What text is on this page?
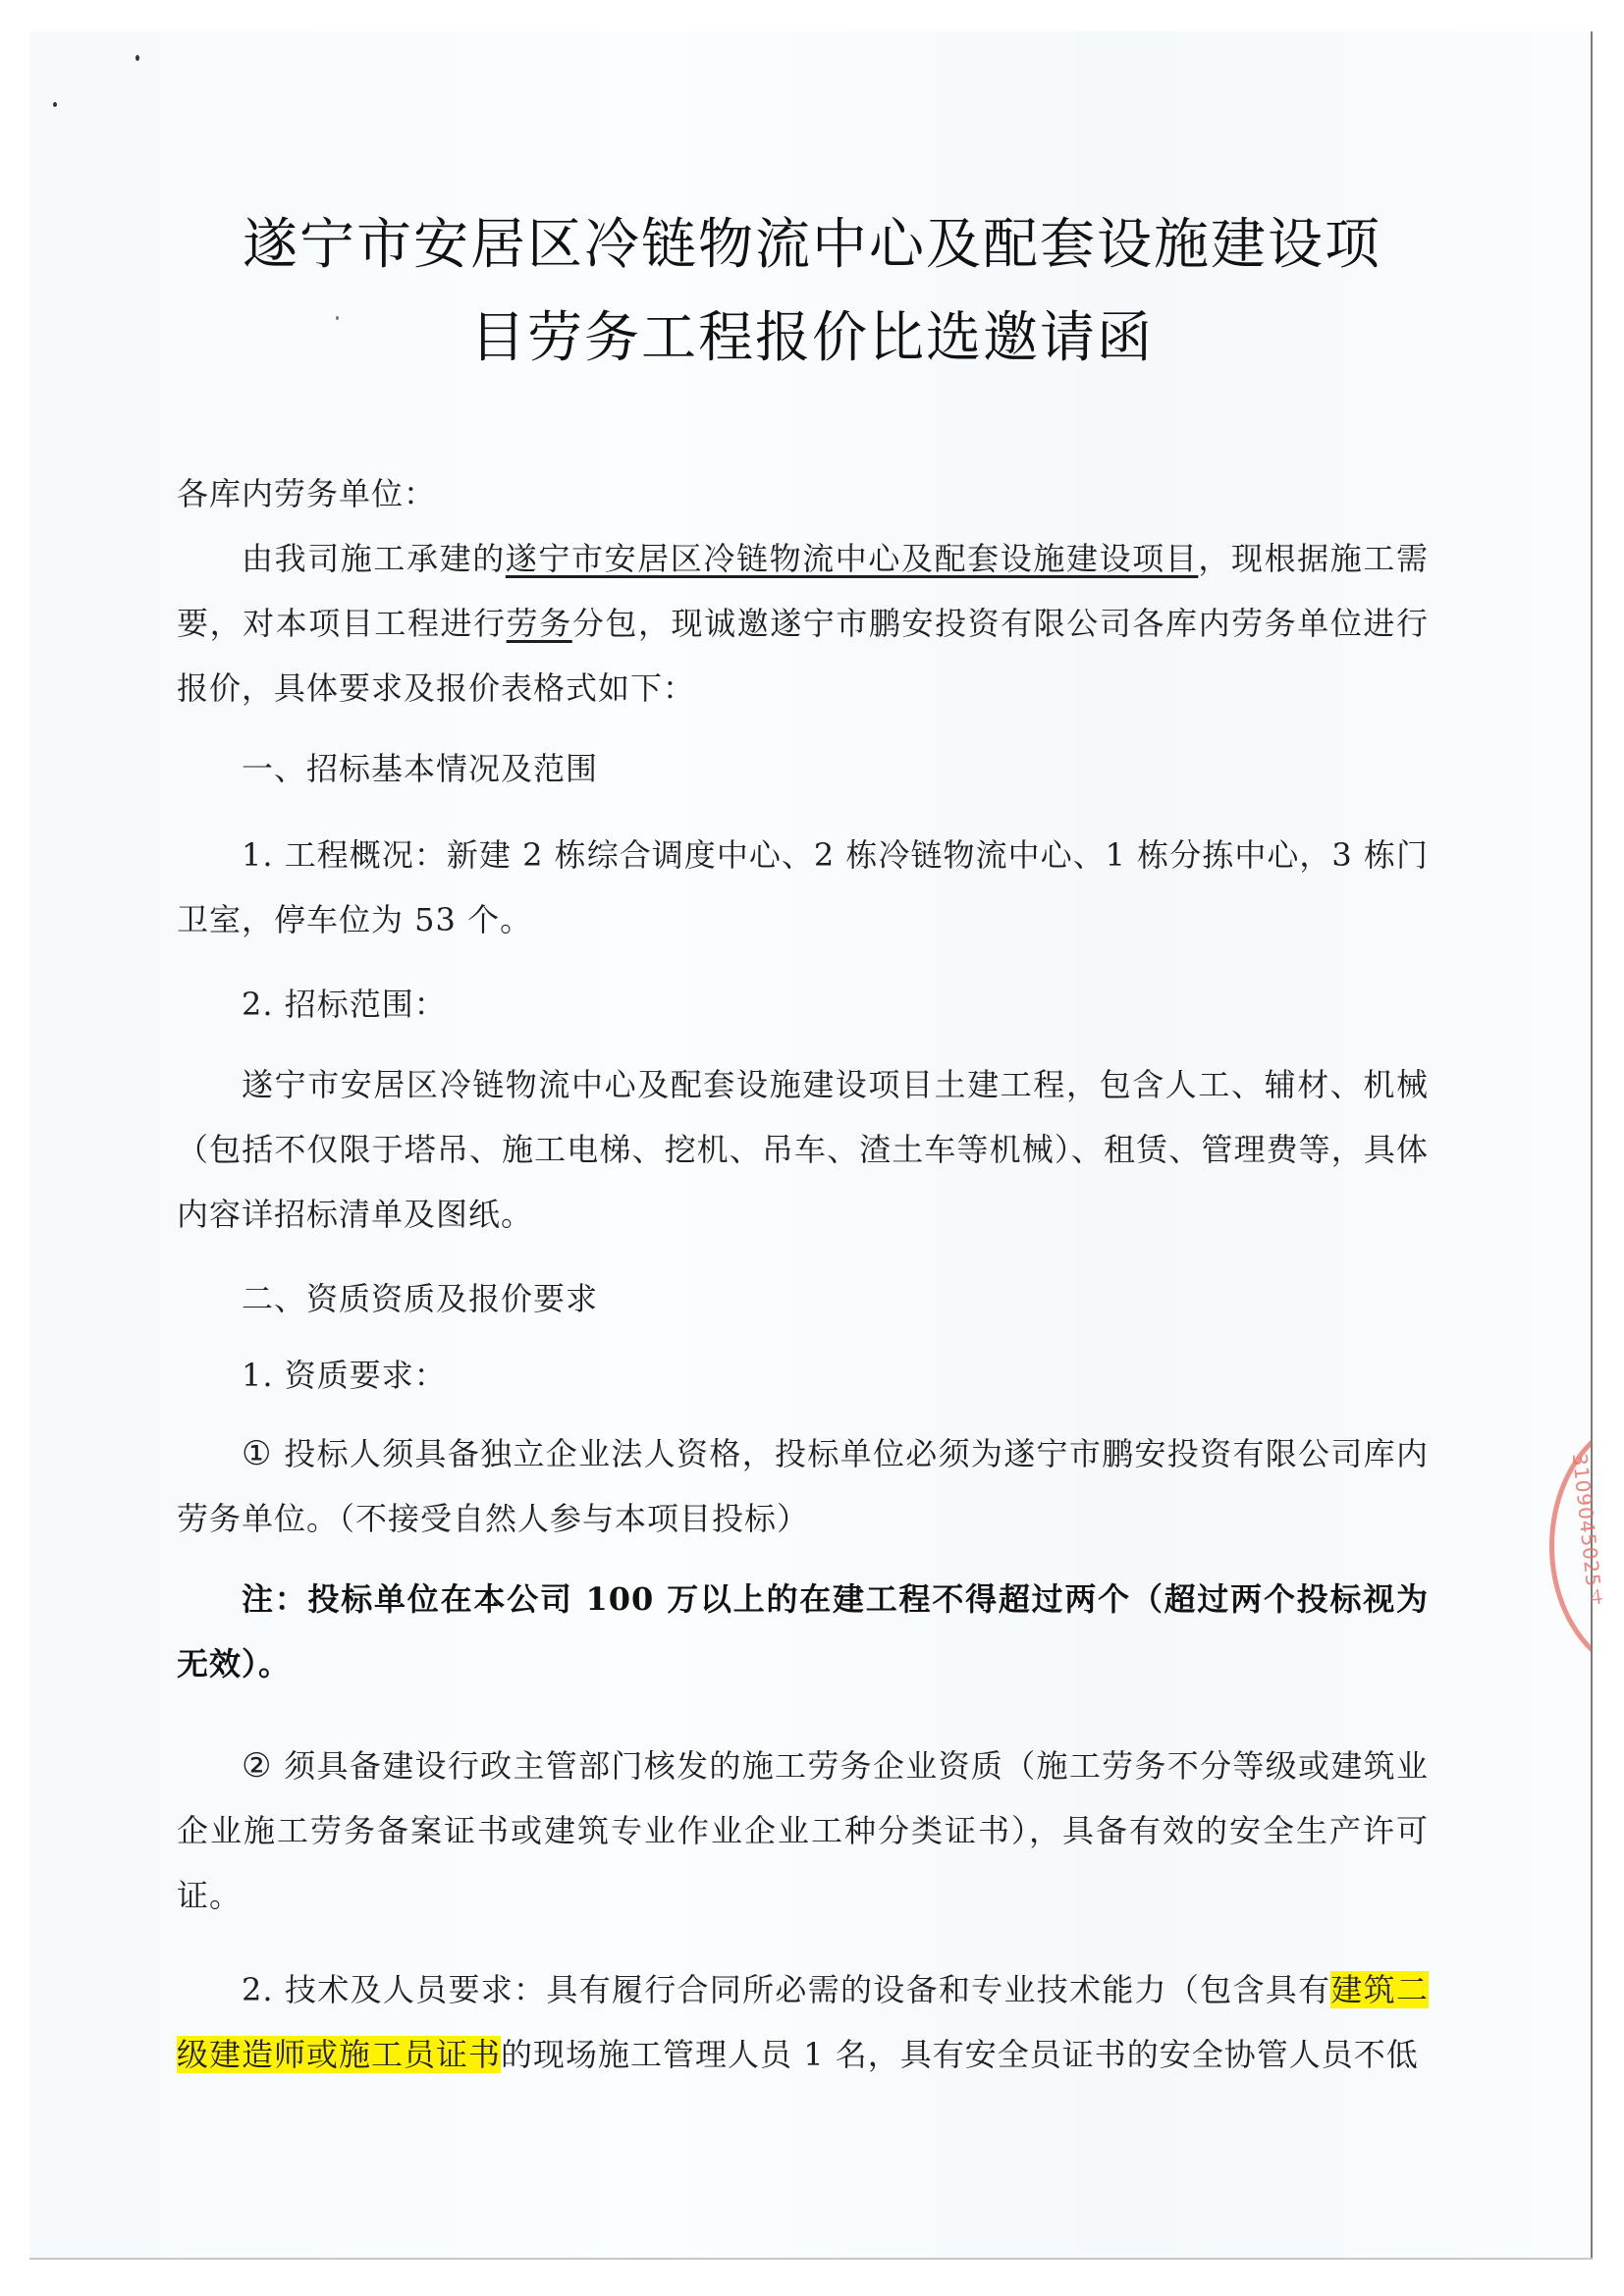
遂宁市安居区冷链物流中心及配套设施建设项
目劳务工程报价比选邀请函

各库内劳务单位：

由我司施工承建的遂宁市安居区冷链物流中心及配套设施建设项目，现根据施工需要，对本项目工程进行劳务分包，现诚邀遂宁市鹏安投资有限公司各库内劳务单位进行报价，具体要求及报价表格式如下：

一、招标基本情况及范围

1. 工程概况：新建 2 栋综合调度中心、2 栋冷链物流中心、1 栋分拣中心，3 栋门卫室，停车位为 53 个。

2. 招标范围：

遂宁市安居区冷链物流中心及配套设施建设项目土建工程，包含人工、辅材、机械（包括不仅限于塔吊、施工电梯、挖机、吊车、渣土车等机械）、租赁、管理费等，具体内容详招标清单及图纸。

二、资质资质及报价要求

1. 资质要求：

① 投标人须具备独立企业法人资格，投标单位必须为遂宁市鹏安投资有限公司库内劳务单位。（不接受自然人参与本项目投标）

注：投标单位在本公司 100 万以上的在建工程不得超过两个（超过两个投标视为无效）。

② 须具备建设行政主管部门核发的施工劳务企业资质（施工劳务不分等级或建筑业企业施工劳务备案证书或建筑专业作业企业工种分类证书），具备有效的安全生产许可证。

2. 技术及人员要求：具有履行合同所必需的设备和专业技术能力（包含具有建筑二级建造师或施工员证书的现场施工管理人员 1 名，具有安全员证书的安全协管人员不低

3109045025４
